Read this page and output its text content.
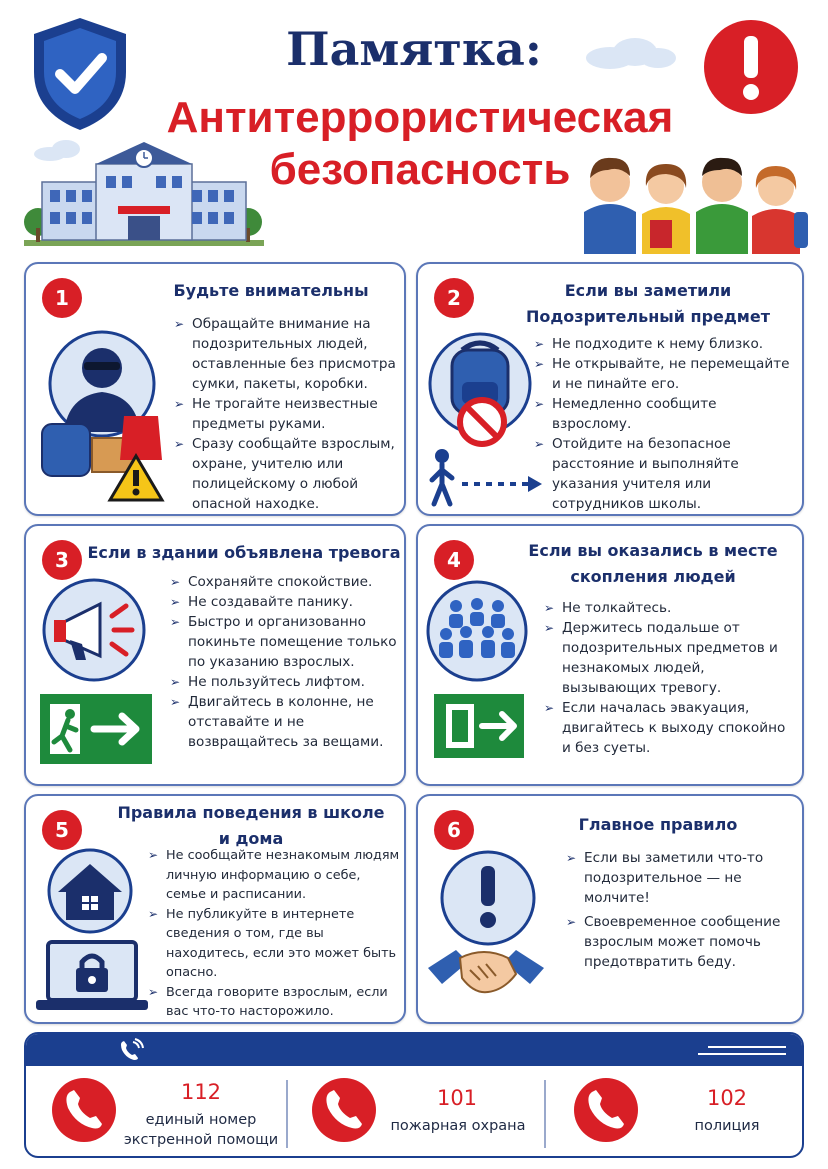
Памятка:
Антитеррористическая
безопасность
1	Будьте внимательны
➢ Обращайте внимание на подозрительных людей, оставленные без присмотра сумки, пакеты, коробки.
➢ Не трогайте неизвестные предметы руками.
➢ Сразу сообщайте взрослым, охране, учителю или полицейскому о любой опасной находке.
2	Если вы заметили
Подозрительный предмет
➢ Не подходите к нему близко.
➢ Не открывайте, не перемещайте и не пинайте его.
➢ Немедленно сообщите взрослому.
➢ Отойдите на безопасное расстояние и выполняйте указания учителя или сотрудников школы.
3	Если в здании объявлена тревога
➢ Сохраняйте спокойствие.
➢ Не создавайте панику.
➢ Быстро и организованно покиньте помещение только по указанию взрослых.
➢ Не пользуйтесь лифтом.
➢ Двигайтесь в колонне, не отставайте и не возвращайтесь за вещами.
4	Если вы оказались в месте
скопления людей
➢ Не толкайтесь.
➢ Держитесь подальше от подозрительных предметов и незнакомых людей, вызывающих тревогу.
➢ Если началась эвакуация, двигайтесь к выходу спокойно и без суеты.
5
Правила поведения в школе
и дома
➢ Не сообщайте незнакомым людям личную информацию о себе, семье и расписании.
➢ Не публикуйте в интернете сведения о том, где вы находитесь, если это может быть опасно.
➢ Всегда говорите взрослым, если вас что-то насторожило.
6	Главное правило
➢ Если вы заметили что-то подозрительное — не молчите!
➢ Своевременное сообщение взрослым может помочь предотвратить беду.
112
единый номер
экстренной помощи
101
пожарная охрана
102
полиция
